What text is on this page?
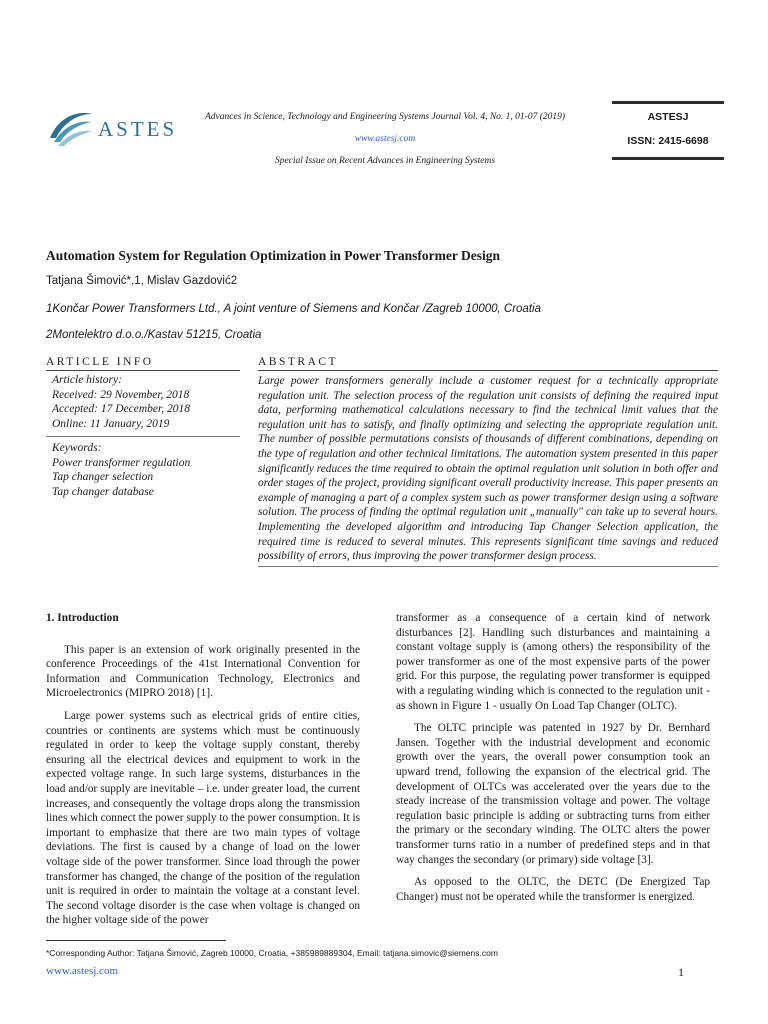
ASTES	Advances in Science, Technology and Engineering Systems Journal Vol. 4, No. 1, 01-07 (2019)
www.astesj.com
Special Issue on Recent Advances in Engineering Systems
ASTESJ
ISSN: 2415-6698
Automation System for Regulation Optimization in Power Transformer Design
Tatjana Šimović*,1, Mislav Gazdović2
1Končar Power Transformers Ltd., A joint venture of Siemens and Končar /Zagreb 10000, Croatia
2Montelektro d.o.o./Kastav 51215, Croatia
ARTICLE INFO
Article history:
Received: 29 November, 2018
Accepted: 17 December, 2018
Online: 11 January, 2019
Keywords:
Power transformer regulation
Tap changer selection
Tap changer database
ABSTRACT
Large power transformers generally include a customer request for a technically appropriate regulation unit. The selection process of the regulation unit consists of defining the required input data, performing mathematical calculations necessary to find the technical limit values that the regulation unit has to satisfy, and finally optimizing and selecting the appropriate regulation unit. The number of possible permutations consists of thousands of different combinations, depending on the type of regulation and other technical limitations. The automation system presented in this paper significantly reduces the time required to obtain the optimal regulation unit solution in both offer and order stages of the project, providing significant overall productivity increase. This paper presents an example of managing a part of a complex system such as power transformer design using a software solution. The process of finding the optimal regulation unit „manually" can take up to several hours. Implementing the developed algorithm and introducing Tap Changer Selection application, the required time is reduced to several minutes. This represents significant time savings and reduced possibility of errors, thus improving the power transformer design process.
1. Introduction

This paper is an extension of work originally presented in the conference Proceedings of the 41st International Convention for Information and Communication Technology, Electronics and Microelectronics (MIPRO 2018) [1].

Large power systems such as electrical grids of entire cities, countries or continents are systems which must be continuously regulated in order to keep the voltage supply constant, thereby ensuring all the electrical devices and equipment to work in the expected voltage range. In such large systems, disturbances in the load and/or supply are inevitable – i.e. under greater load, the current increases, and consequently the voltage drops along the transmission lines which connect the power supply to the power consumption. It is important to emphasize that there are two main types of voltage deviations. The first is caused by a change of load on the lower voltage side of the power transformer. Since load through the power transformer has changed, the change of the position of the regulation unit is required in order to maintain the voltage at a constant level. The second voltage disorder is the case when voltage is changed on the higher voltage side of the power

transformer as a consequence of a certain kind of network disturbances [2]. Handling such disturbances and maintaining a constant voltage supply is (among others) the responsibility of the power transformer as one of the most expensive parts of the power grid. For this purpose, the regulating power transformer is equipped with a regulating winding which is connected to the regulation unit - as shown in Figure 1 - usually On Load Tap Changer (OLTC).

The OLTC principle was patented in 1927 by Dr. Bernhard Jansen. Together with the industrial development and economic growth over the years, the overall power consumption took an upward trend, following the expansion of the electrical grid. The development of OLTCs was accelerated over the years due to the steady increase of the transmission voltage and power. The voltage regulation basic principle is adding or subtracting turns from either the primary or the secondary winding. The OLTC alters the power transformer turns ratio in a number of predefined steps and in that way changes the secondary (or primary) side voltage [3].

As opposed to the OLTC, the DETC (De Energized Tap Changer) must not be operated while the transformer is energized.

*Corresponding Author: Tatjana Šimović, Zagreb 10000, Croatia, +385989889304, Email: tatjana.simovic@siemens.com
www.astesj.com	1
